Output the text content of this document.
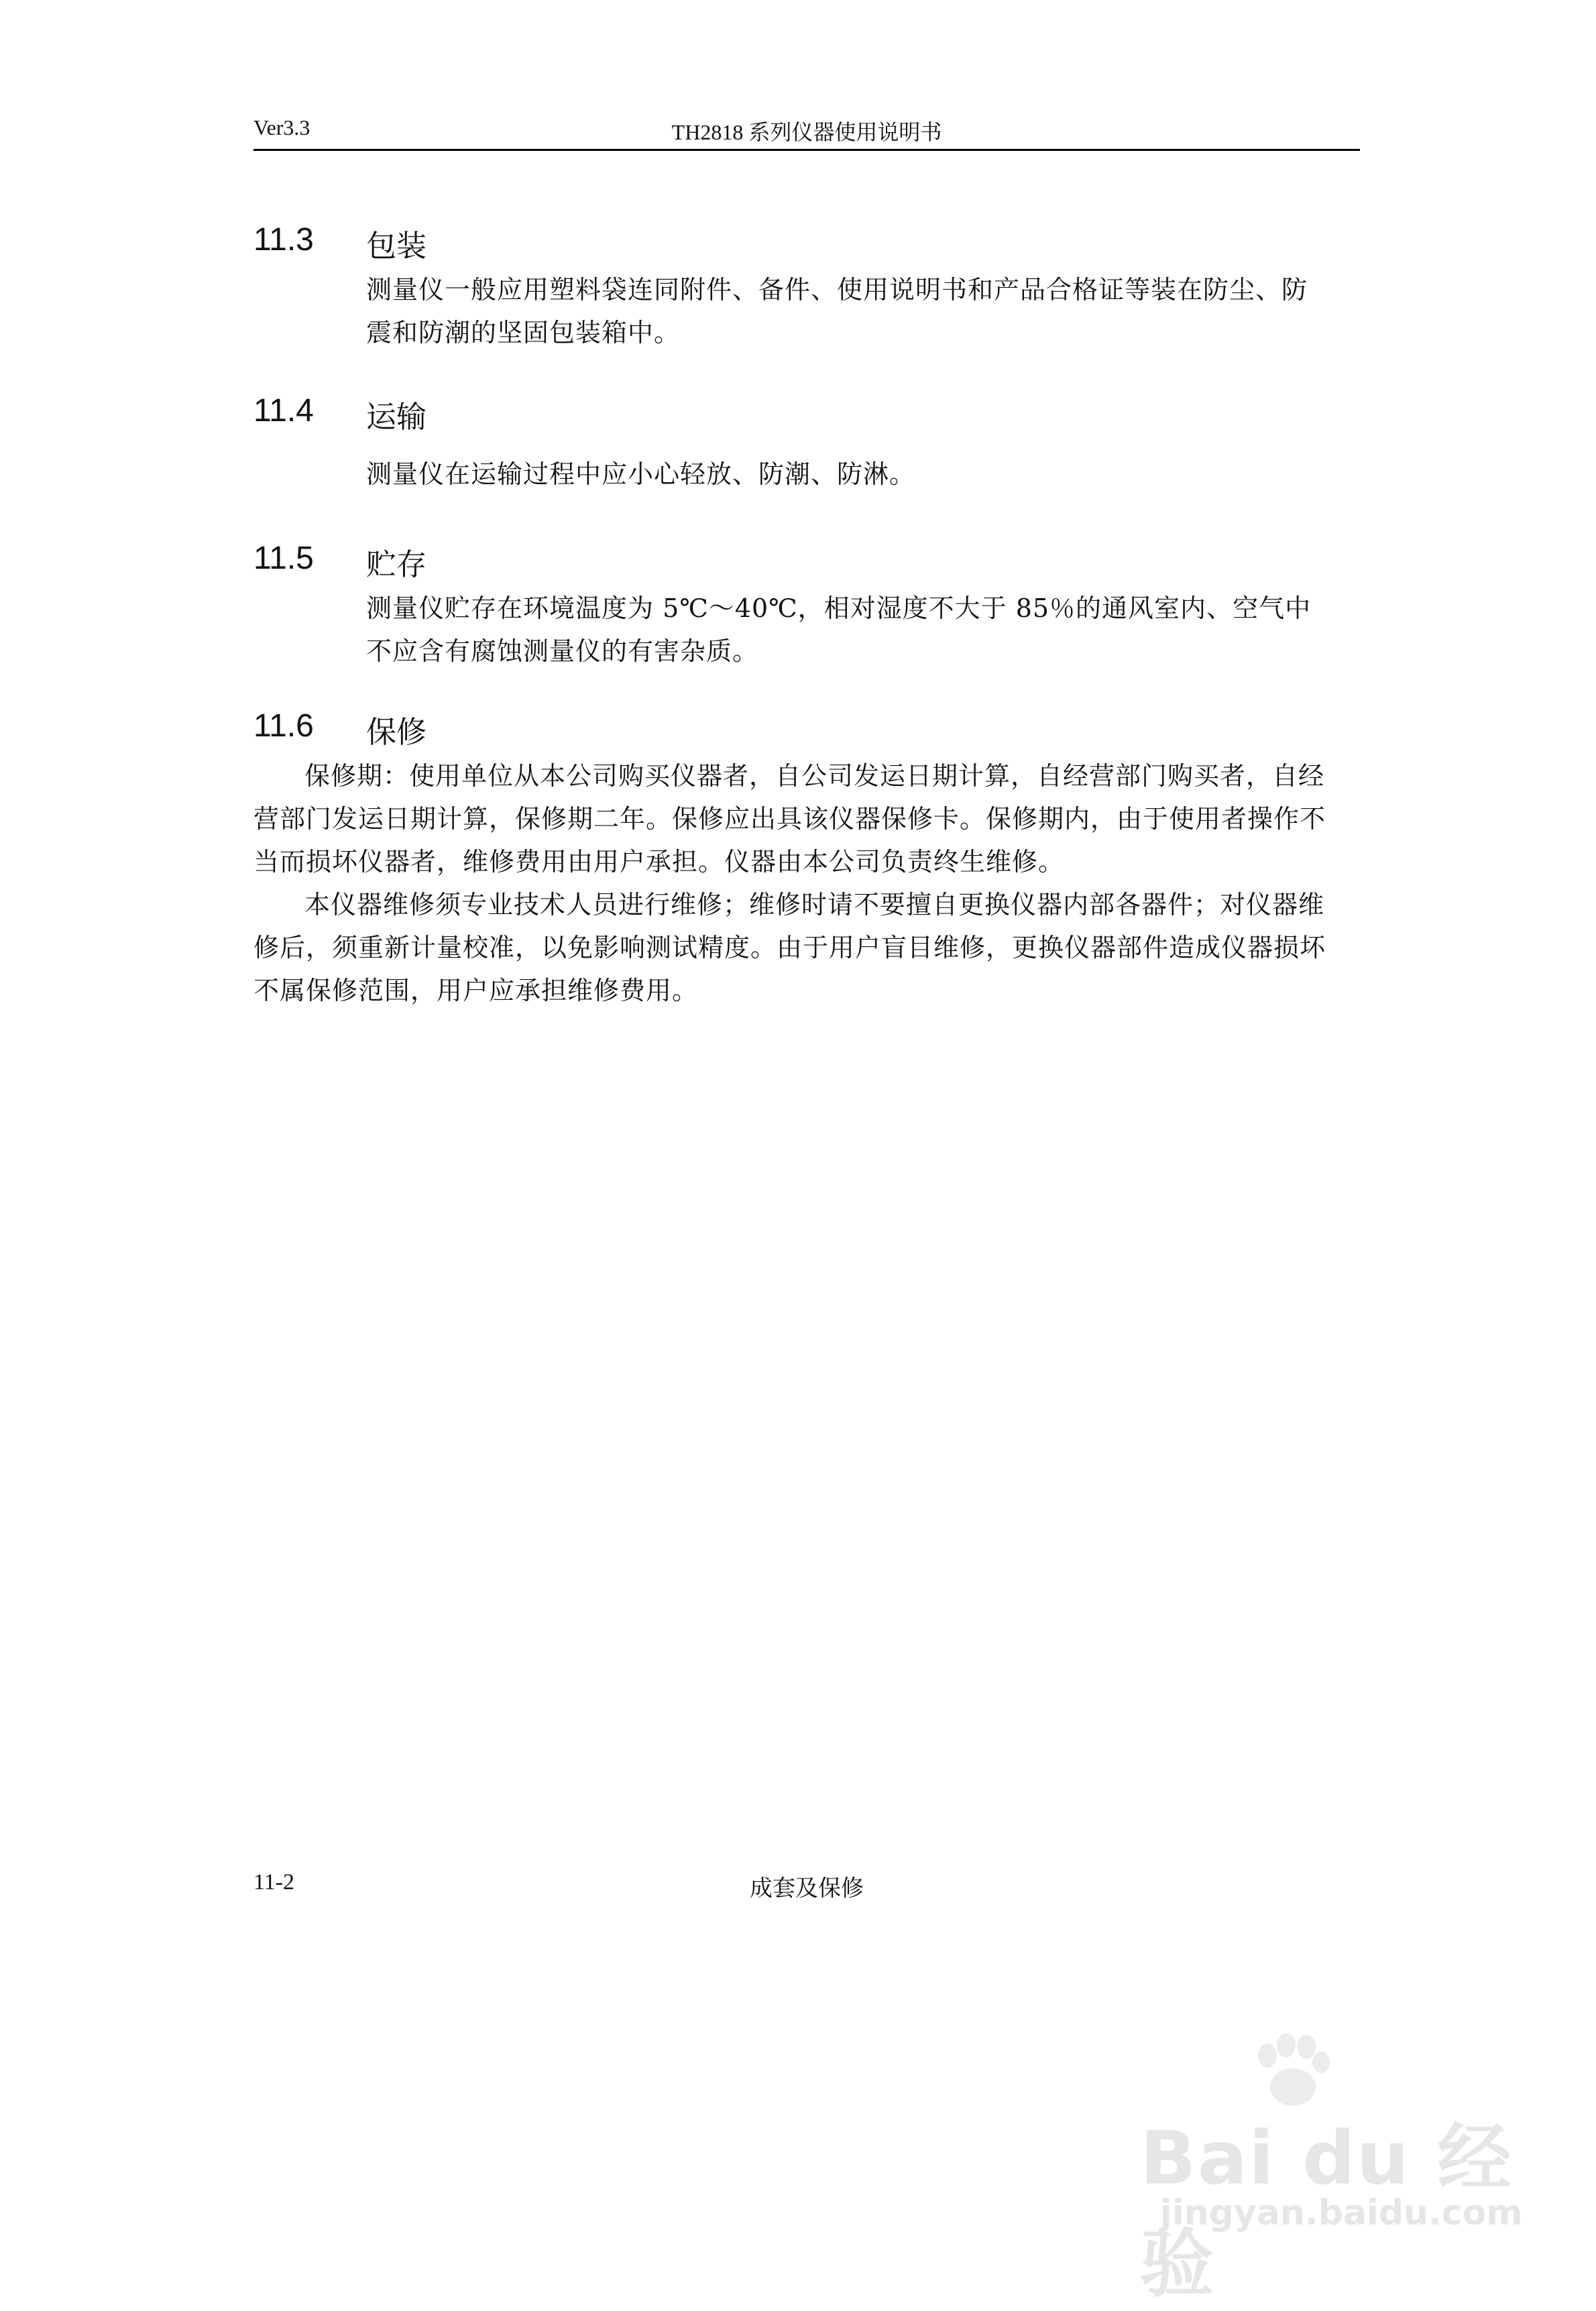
Ver3.3	TH2818 系列仪器使用说明书
11.3 包装

测量仪一般应用塑料袋连同附件、备件、使用说明书和产品合格证等装在防尘、防震和防潮的坚固包装箱中。

11.4 运输

测量仪在运输过程中应小心轻放、防潮、防淋。

11.5 贮存

测量仪贮存在环境温度为 5℃～40℃，相对湿度不大于 85％的通风室内、空气中不应含有腐蚀测量仪的有害杂质。

11.6 保修

保修期：使用单位从本公司购买仪器者，自公司发运日期计算，自经营部门购买者，自经营部门发运日期计算，保修期二年。保修应出具该仪器保修卡。保修期内，由于使用者操作不当而损坏仪器者，维修费用由用户承担。仪器由本公司负责终生维修。

本仪器维修须专业技术人员进行维修；维修时请不要擅自更换仪器内部各器件；对仪器维修后，须重新计量校准，以免影响测试精度。由于用户盲目维修，更换仪器部件造成仪器损坏不属保修范围，用户应承担维修费用。

11-2	成套及保修
Bai du 经验
jingyan.baidu.com
